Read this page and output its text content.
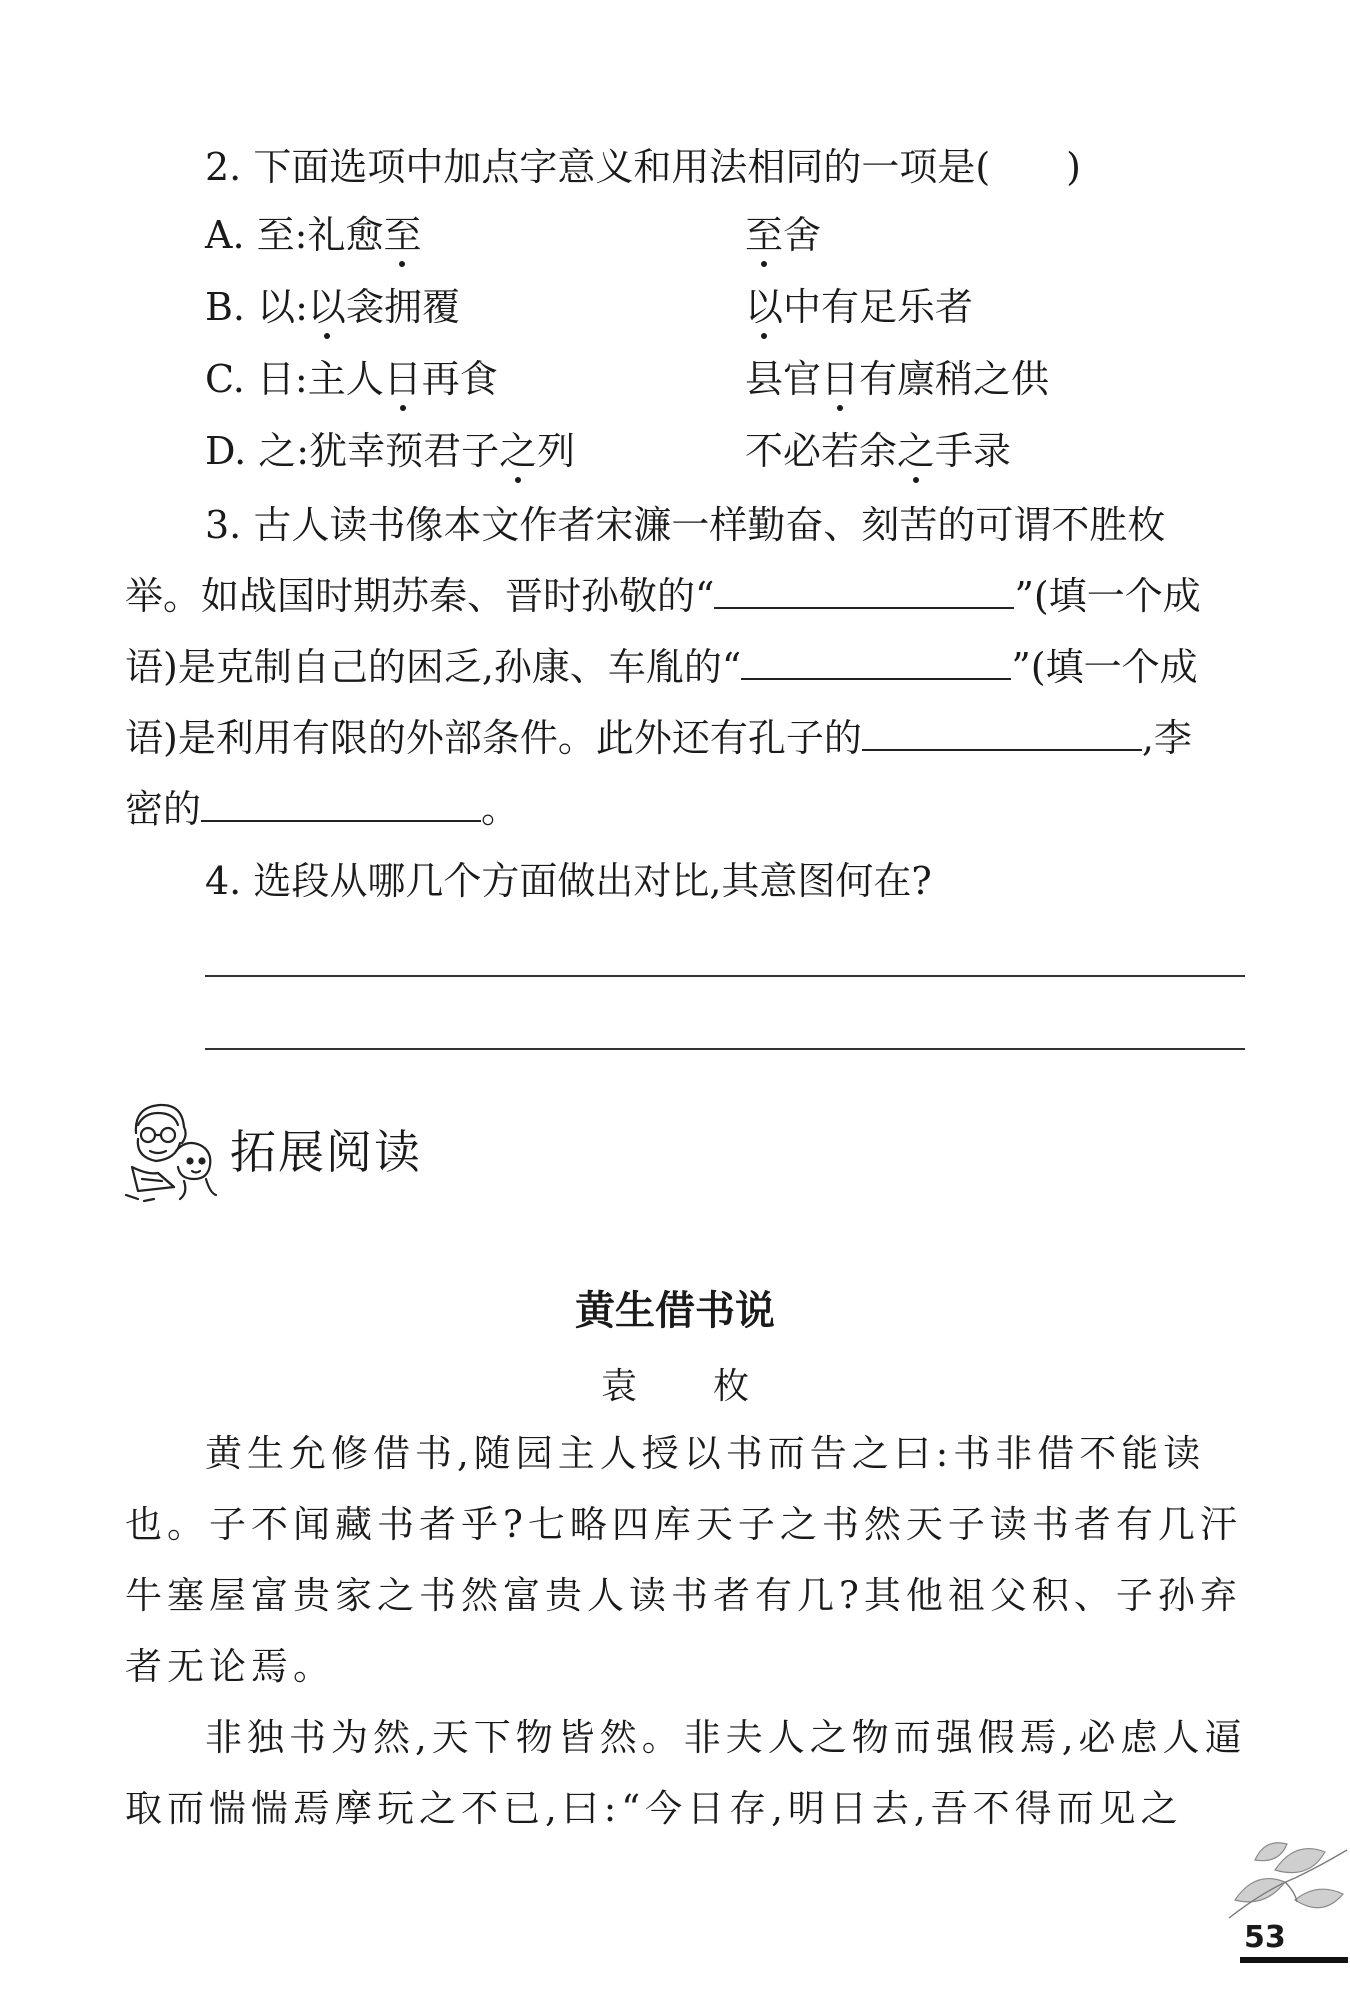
2. 下面选项中加点字意义和用法相同的一项是(　　)
A. 至:礼愈至	至舍
B. 以:以衾拥覆	以中有足乐者
C. 日:主人日再食	县官日有廪稍之供
D. 之:犹幸预君子之列	不必若余之手录
3. 古人读书像本文作者宋濂一样勤奋、刻苦的可谓不胜枚
举。如战国时期苏秦、晋时孙敬的“	”(填一个成
语)是克制自己的困乏,孙康、车胤的“	”(填一个成
语)是利用有限的外部条件。此外还有孔子的	,李
密的	。
4. 选段从哪几个方面做出对比,其意图何在?
拓展阅读
黄生借书说
袁　枚
黄生允修借书,随园主人授以书而告之曰:书非借不能读
也。子不闻藏书者乎?七略四库天子之书然天子读书者有几汗
牛塞屋富贵家之书然富贵人读书者有几?其他祖父积、子孙弃
者无论焉。
非独书为然,天下物皆然。非夫人之物而强假焉,必虑人逼
取而惴惴焉摩玩之不已,曰:“今日存,明日去,吾不得而见之
53
